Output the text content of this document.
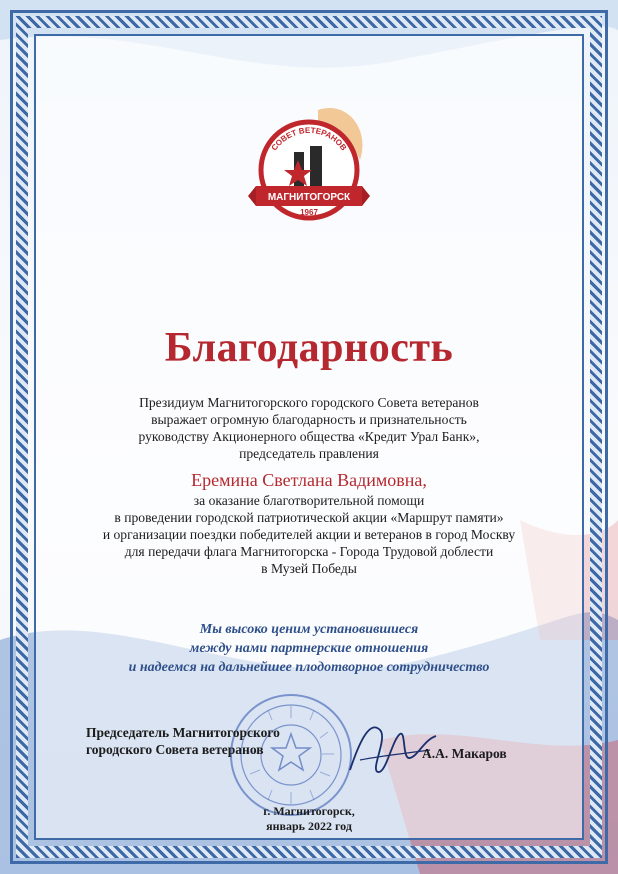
СОВЕТ ВЕТЕРАНОВ
МАГНИТОГОРСК
1967
Благодарность
Президиум Магнитогорского городского Совета ветеранов
выражает огромную благодарность и признательность
руководству Акционерного общества «Кредит Урал Банк»,
председатель правления
Еремина Светлана Вадимовна,
за оказание благотворительной помощи
в проведении городской патриотической акции «Маршрут памяти»
и организации поездки победителей акции и ветеранов в город Москву
для передачи флага Магнитогорска - Города Трудовой доблести
в Музей Победы
Мы высоко ценим установившиеся
между нами партнерские отношения
и надеемся на дальнейшее плодотворное сотрудничество
Председатель Магнитогорского
городского Совета ветеранов	А.А. Макаров
г. Магнитогорск,
январь 2022 год
